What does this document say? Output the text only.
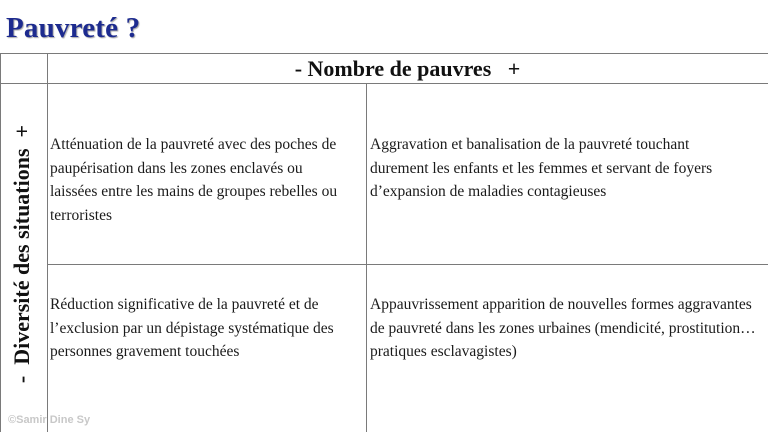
Pauvreté ?
- Nombre de pauvres   +
-  Diversité des situations  +	Atténuation de la pauvreté avec des poches de paupérisation dans les zones enclavés ou laissées entre les mains de groupes rebelles ou terroristes
Aggravation et banalisation de la pauvreté touchant durement les enfants et les femmes et servant de foyers d’expansion de maladies contagieuses
Réduction significative de la pauvreté et de l’exclusion par un dépistage systématique des personnes gravement touchées
Appauvrissement apparition de nouvelles formes aggravantes de pauvreté dans les zones urbaines (mendicité, prostitution…pratiques esclavagistes)
©Samir Dine Sy
